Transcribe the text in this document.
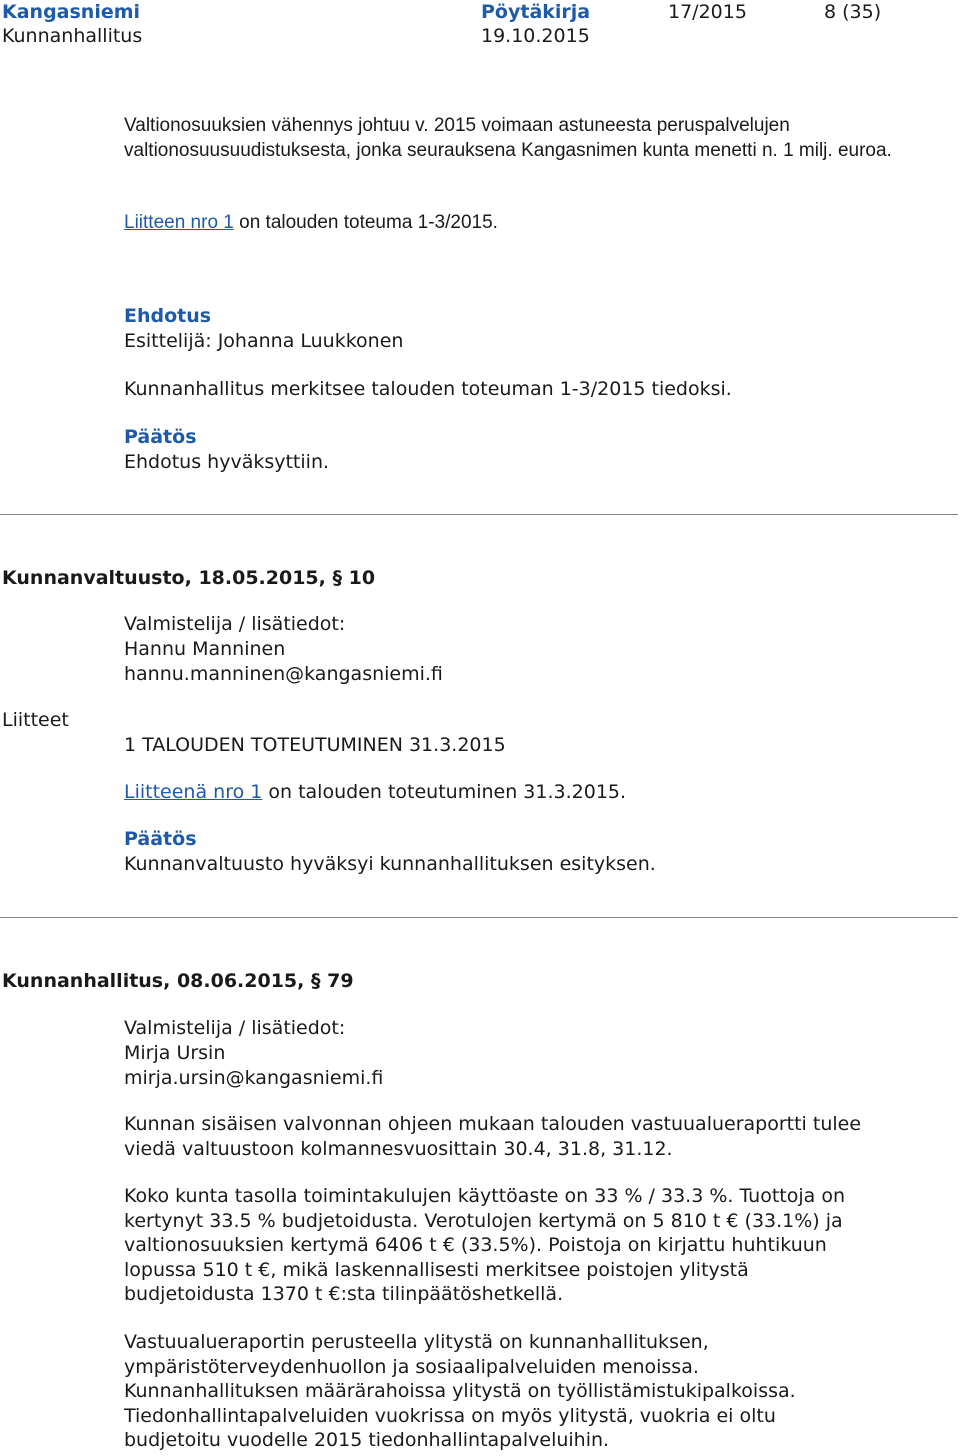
Kangasniemi
Kunnanhallitus
Pöytäkirja
19.10.2015
17/2015	8 (35)
Valtionosuuksien vähennys johtuu v. 2015 voimaan astuneesta peruspalvelujen valtionosuusuudistuksesta, jonka seurauksena Kangasnimen kunta menetti n. 1 milj. euroa.
Liitteen nro 1 on talouden toteuma 1-3/2015.
Ehdotus
Esittelijä: Johanna Luukkonen
Kunnanhallitus merkitsee talouden toteuman 1-3/2015 tiedoksi.
Päätös
Ehdotus hyväksyttiin.
Kunnanvaltuusto, 18.05.2015, § 10
Valmistelija / lisätiedot:
Hannu Manninen
hannu.manninen@kangasniemi.fi
Liitteet
1 TALOUDEN TOTEUTUMINEN 31.3.2015
Liitteenä nro 1 on talouden toteutuminen 31.3.2015.
Päätös
Kunnanvaltuusto hyväksyi kunnanhallituksen esityksen.
Kunnanhallitus, 08.06.2015, § 79
Valmistelija / lisätiedot:
Mirja Ursin
mirja.ursin@kangasniemi.fi
Kunnan sisäisen valvonnan ohjeen mukaan talouden vastuualueraportti tulee viedä valtuustoon kolmannesvuosittain 30.4, 31.8, 31.12.
Koko kunta tasolla toimintakulujen käyttöaste on 33 % / 33.3 %. Tuottoja on kertynyt 33.5 % budjetoidusta. Verotulojen kertymä on 5 810 t € (33.1%) ja valtionosuuksien kertymä 6406 t € (33.5%). Poistoja on kirjattu huhtikuun lopussa 510 t €, mikä laskennallisesti merkitsee poistojen ylitystä budjetoidusta 1370 t €:sta tilinpäätöshetkellä.
Vastuualueraportin perusteella ylitystä on kunnanhallituksen, ympäristöterveydenhuollon ja sosiaalipalveluiden menoissa. Kunnanhallituksen määrärahoissa ylitystä on työllistämistukipalkoissa. Tiedonhallintapalveluiden vuokrissa on myös ylitystä, vuokria ei oltu budjetoitu vuodelle 2015 tiedonhallintapalveluihin.
